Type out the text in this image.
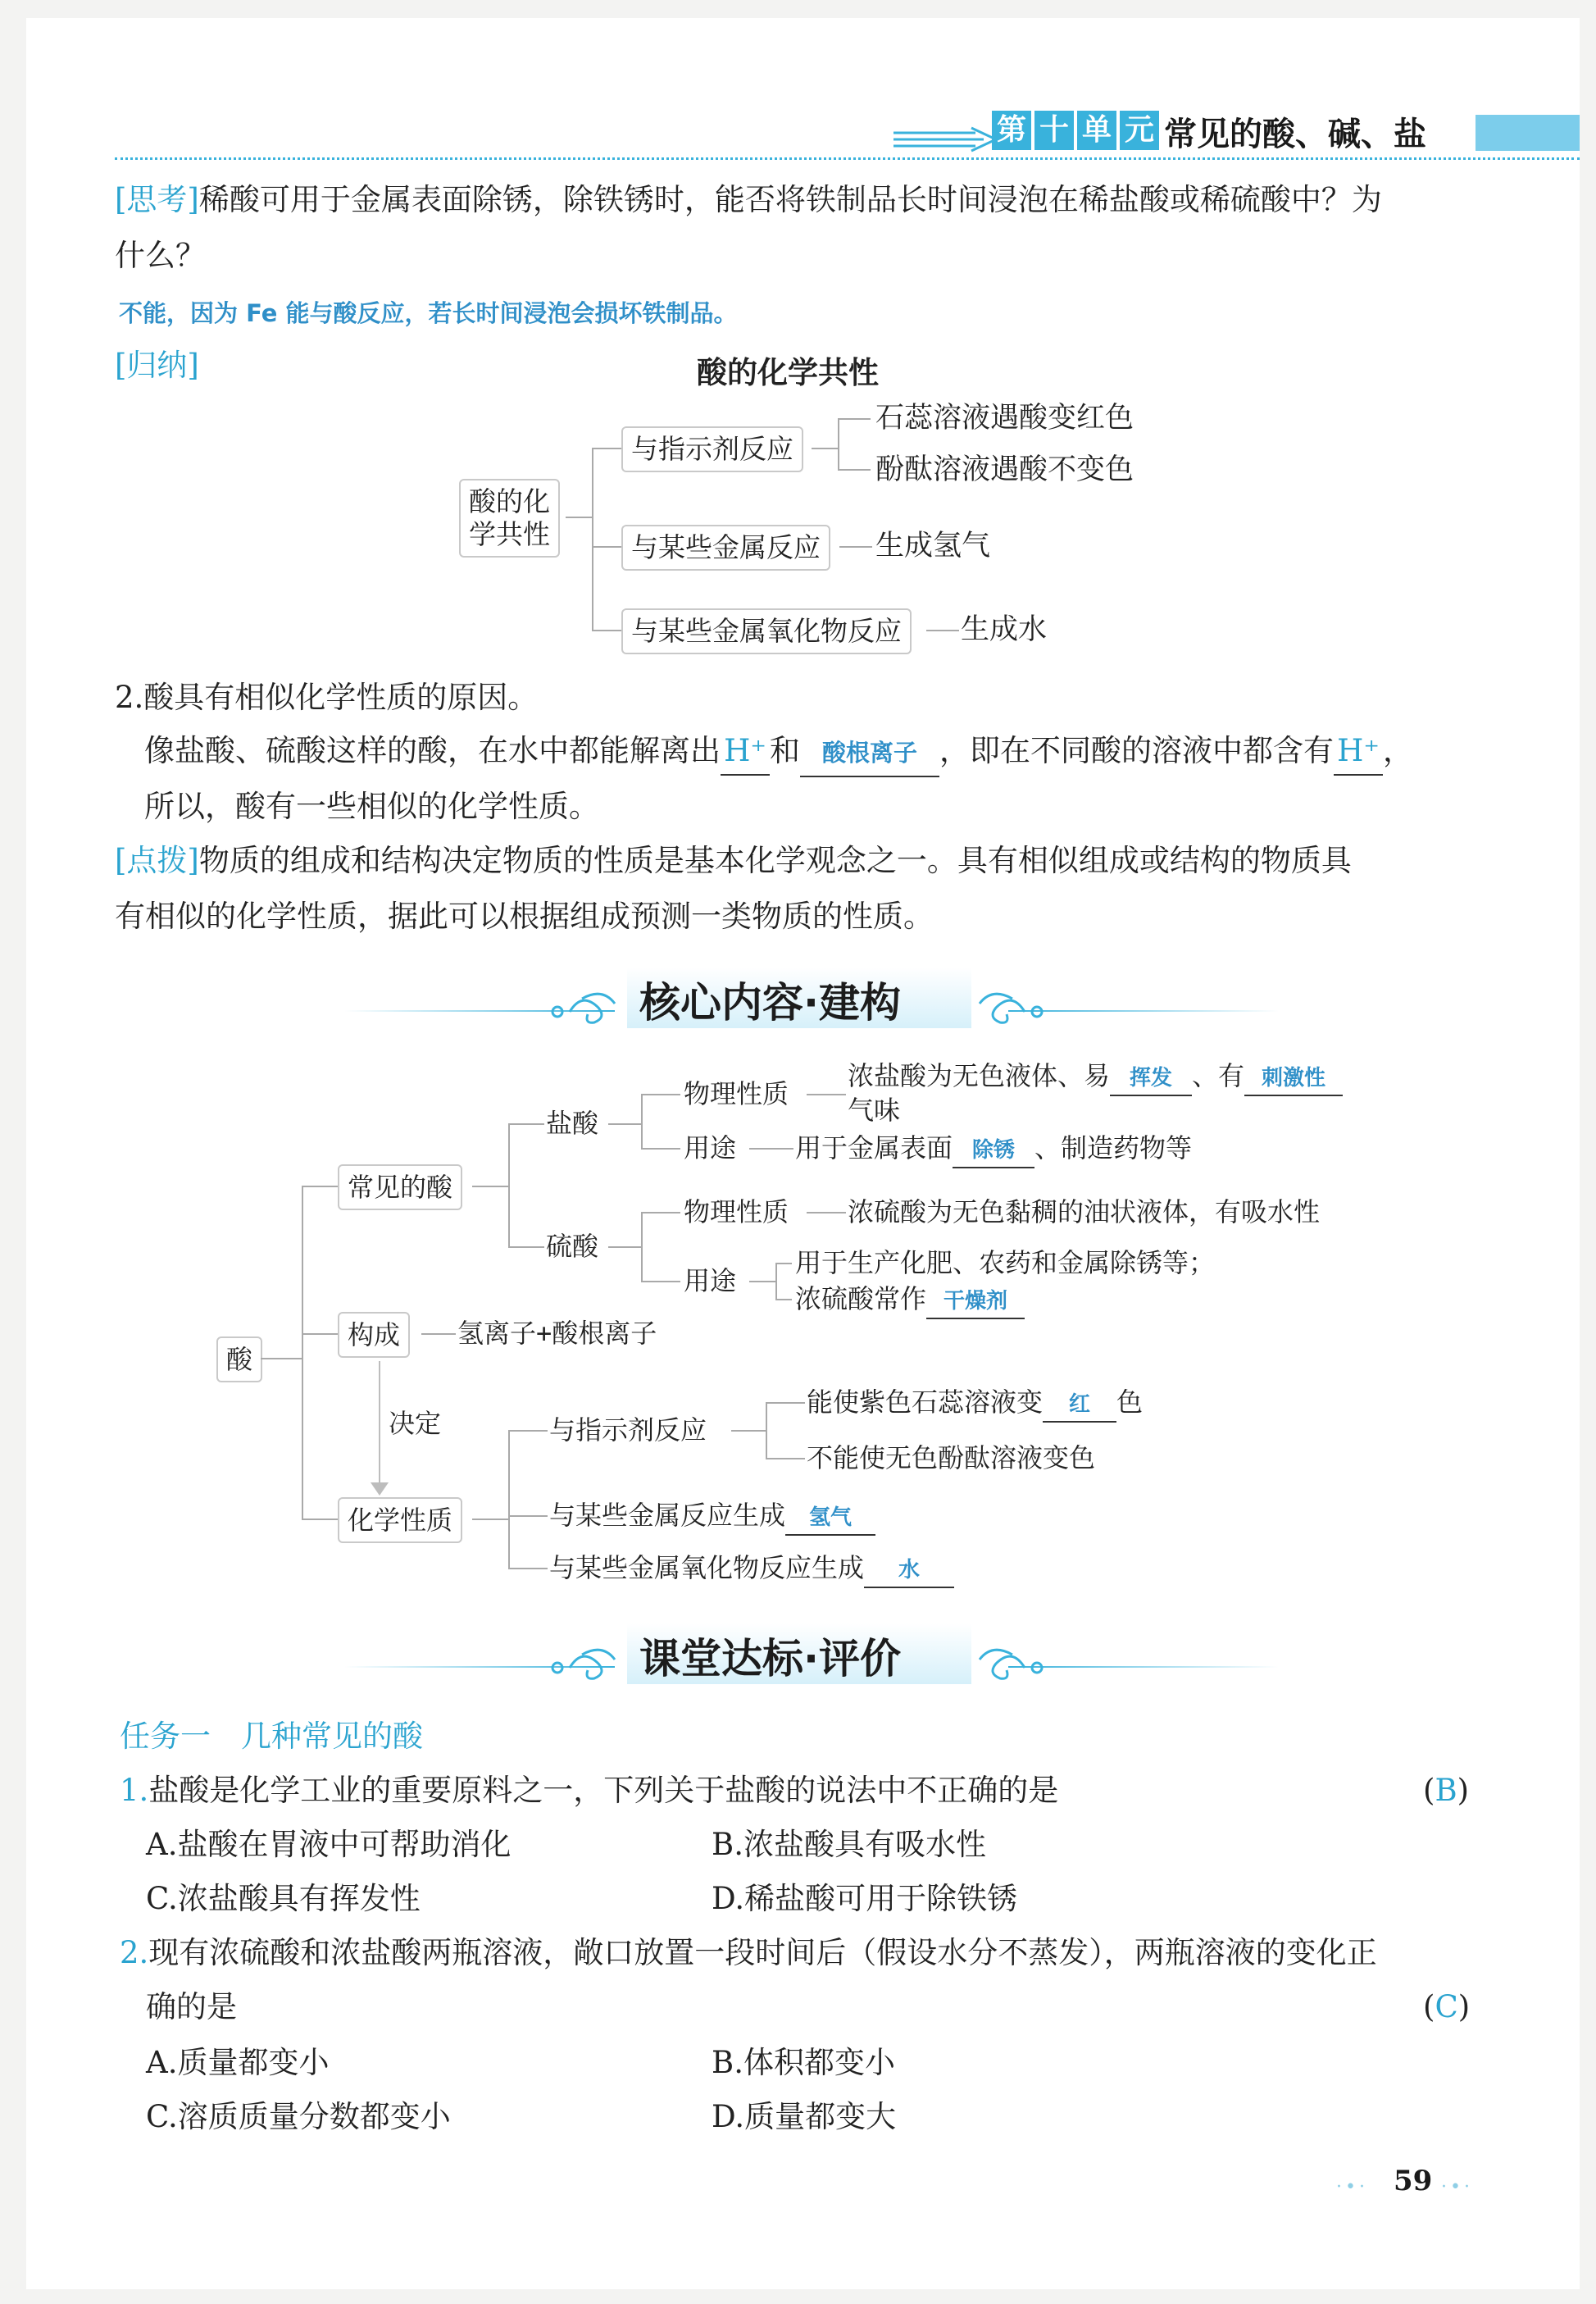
第 十 单 元 常见的酸、碱、盐
[思考]稀酸可用于金属表面除锈，除铁锈时，能否将铁制品长时间浸泡在稀盐酸或稀硫酸中？为
什么？
不能，因为 Fe 能与酸反应，若长时间浸泡会损坏铁制品。
[归纳]	酸的化学共性
酸的化
学共性
与指示剂反应
石蕊溶液遇酸变红色
酚酞溶液遇酸不变色
与某些金属反应	生成氢气
与某些金属氧化物反应	生成水
2.酸具有相似化学性质的原因。
像盐酸、硫酸这样的酸，在水中都能解离出 H⁺ 和 酸根离子 ，即在不同酸的溶液中都含有 H⁺ ，
所以，酸有一些相似的化学性质。
[点拨]物质的组成和结构决定物质的性质是基本化学观念之一。具有相似组成或结构的物质具
有相似的化学性质，据此可以根据组成预测一类物质的性质。
核心内容·建构
酸
常见的酸
盐酸
物理性质
浓盐酸为无色液体、易 挥发 、有 刺激性
气味
用途 用于金属表面 除锈 、制造药物等
硫酸
物理性质 浓硫酸为无色黏稠的油状液体，有吸水性
用途
用于生产化肥、农药和金属除锈等；
浓硫酸常作 干燥剂
构成	氢离子+酸根离子
决定
化学性质
与指示剂反应
能使紫色石蕊溶液变 红 色
不能使无色酚酞溶液变色
与某些金属反应生成 氢气
与某些金属氧化物反应生成 水
课堂达标·评价
任务一　几种常见的酸
1.盐酸是化学工业的重要原料之一，下列关于盐酸的说法中不正确的是	(B)
A.盐酸在胃液中可帮助消化	B.浓盐酸具有吸水性
C.浓盐酸具有挥发性	D.稀盐酸可用于除铁锈
2.现有浓硫酸和浓盐酸两瓶溶液，敞口放置一段时间后（假设水分不蒸发），两瓶溶液的变化正
确的是	(C)
A.质量都变小	B.体积都变小
C.溶质质量分数都变小	D.质量都变大
·•· 59 ·•·
